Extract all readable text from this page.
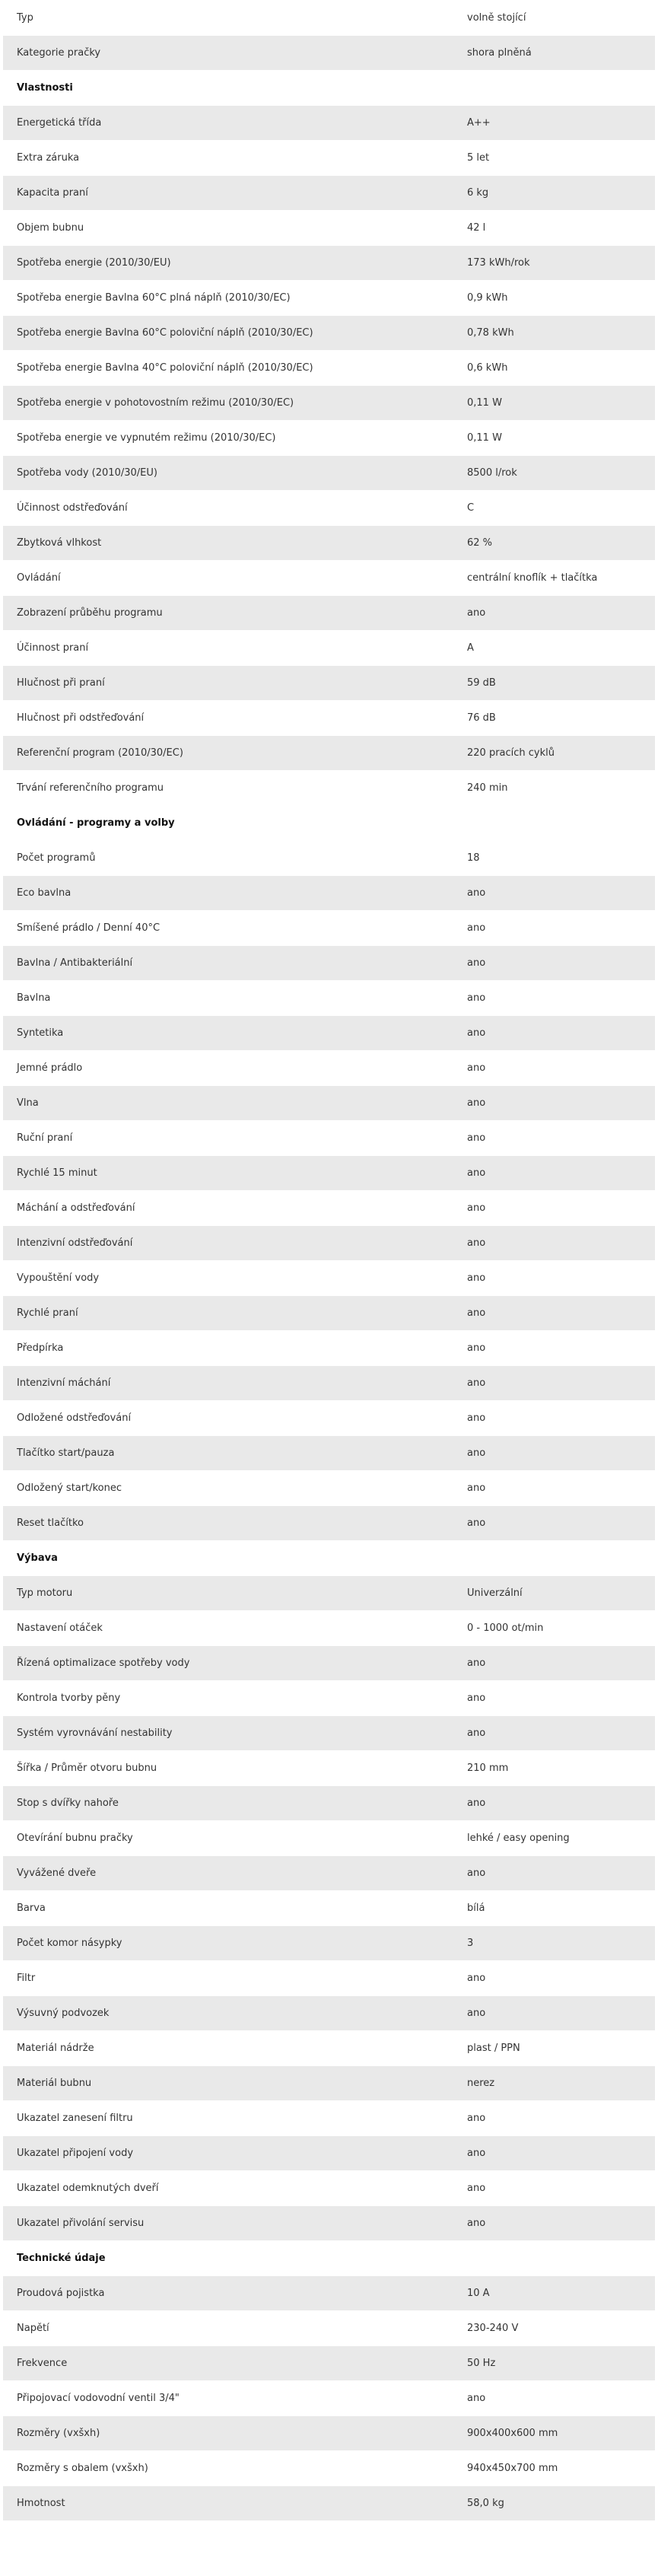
Typ	volně stojící
Kategorie pračky	shora plněná
Vlastnosti	
Energetická třída	A++
Extra záruka	5 let
Kapacita praní	6 kg
Objem bubnu	42 l
Spotřeba energie (2010/30/EU)	173 kWh/rok
Spotřeba energie Bavlna 60°C plná náplň (2010/30/EC)	0,9 kWh
Spotřeba energie Bavlna 60°C poloviční náplň (2010/30/EC)	0,78 kWh
Spotřeba energie Bavlna 40°C poloviční náplň (2010/30/EC)	0,6 kWh
Spotřeba energie v pohotovostním režimu (2010/30/EC)	0,11 W
Spotřeba energie ve vypnutém režimu (2010/30/EC)	0,11 W
Spotřeba vody (2010/30/EU)	8500 l/rok
Účinnost odstřeďování	C
Zbytková vlhkost	62 %
Ovládání	centrální knoflík + tlačítka
Zobrazení průběhu programu	ano
Účinnost praní	A
Hlučnost při praní	59 dB
Hlučnost při odstřeďování	76 dB
Referenční program (2010/30/EC)	220 pracích cyklů
Trvání referenčního programu	240 min
Ovládání - programy a volby	
Počet programů	18
Eco bavlna	ano
Smíšené prádlo / Denní 40°C	ano
Bavlna / Antibakteriální	ano
Bavlna	ano
Syntetika	ano
Jemné prádlo	ano
Vlna	ano
Ruční praní	ano
Rychlé 15 minut	ano
Máchání a odstřeďování	ano
Intenzivní odstřeďování	ano
Vypouštění vody	ano
Rychlé praní	ano
Předpírka	ano
Intenzivní máchání	ano
Odložené odstřeďování	ano
Tlačítko start/pauza	ano
Odložený start/konec	ano
Reset tlačítko	ano
Výbava	
Typ motoru	Univerzální
Nastavení otáček	0 - 1000 ot/min
Řízená optimalizace spotřeby vody	ano
Kontrola tvorby pěny	ano
Systém vyrovnávání nestability	ano
Šířka / Průměr otvoru bubnu	210 mm
Stop s dvířky nahoře	ano
Otevírání bubnu pračky	lehké / easy opening
Vyvážené dveře	ano
Barva	bílá
Počet komor násypky	3
Filtr	ano
Výsuvný podvozek	ano
Materiál nádrže	plast / PPN
Materiál bubnu	nerez
Ukazatel zanesení filtru	ano
Ukazatel připojení vody	ano
Ukazatel odemknutých dveří	ano
Ukazatel přivolání servisu	ano
Technické údaje	
Proudová pojistka	10 A
Napětí	230-240 V
Frekvence	50 Hz
Připojovací vodovodní ventil 3/4"	ano
Rozměry (vxšxh)	900x400x600 mm
Rozměry s obalem (vxšxh)	940x450x700 mm
Hmotnost	58,0 kg
